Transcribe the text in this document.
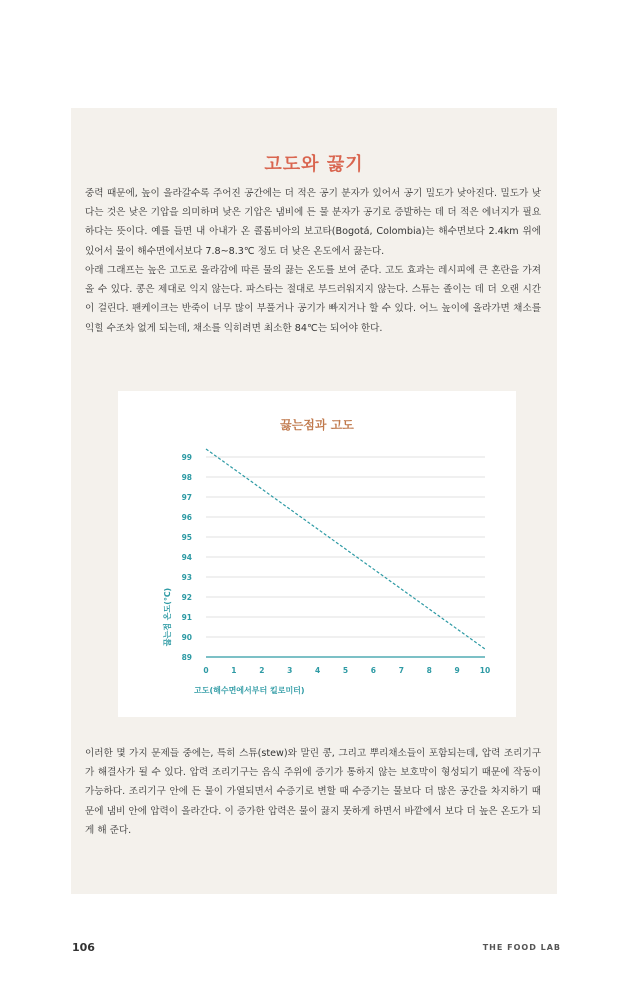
고도와 끓기

중력 때문에, 높이 올라갈수록 주어진 공간에는 더 적은 공기 분자가 있어서 공기 밀도가 낮아진다. 밀도가 낮다는 것은 낮은 기압을 의미하며 낮은 기압은 냄비에 든 물 분자가 공기로 증발하는 데 더 적은 에너지가 필요하다는 뜻이다. 예를 들면 내 아내가 온 콜롬비아의 보고타(Bogotá, Colombia)는 해수면보다 2.4km 위에 있어서 물이 해수면에서보다 7.8~8.3℃ 정도 더 낮은 온도에서 끓는다.

아래 그래프는 높은 고도로 올라감에 따른 물의 끓는 온도를 보여 준다. 고도 효과는 레시피에 큰 혼란을 가져올 수 있다. 콩은 제대로 익지 않는다. 파스타는 절대로 부드러워지지 않는다. 스튜는 졸이는 데 더 오랜 시간이 걸린다. 팬케이크는 반죽이 너무 많이 부풀거나 공기가 빠지거나 할 수 있다. 어느 높이에 올라가면 채소를 익힐 수조차 없게 되는데, 채소를 익히려면 최소한 84℃는 되어야 한다.

끓는점과 고도
89
90
91
92
93
94
95
96
97
98
99
0	1	2	3	4	5	6	7	8	9	10
고도(해수면에서부터 킬로미터)
끓는점 온도(℃)

이러한 몇 가지 문제들 중에는, 특히 스튜(stew)와 말린 콩, 그리고 뿌리채소들이 포함되는데, 압력 조리기구가 해결사가 될 수 있다. 압력 조리기구는 음식 주위에 증기가 통하지 않는 보호막이 형성되기 때문에 작동이 가능하다. 조리기구 안에 든 물이 가열되면서 수증기로 변할 때 수증기는 물보다 더 많은 공간을 차지하기 때문에 냄비 안에 압력이 올라간다. 이 증가한 압력은 물이 끓지 못하게 하면서 바깥에서 보다 더 높은 온도가 되게 해 준다.

106	THE FOOD LAB
